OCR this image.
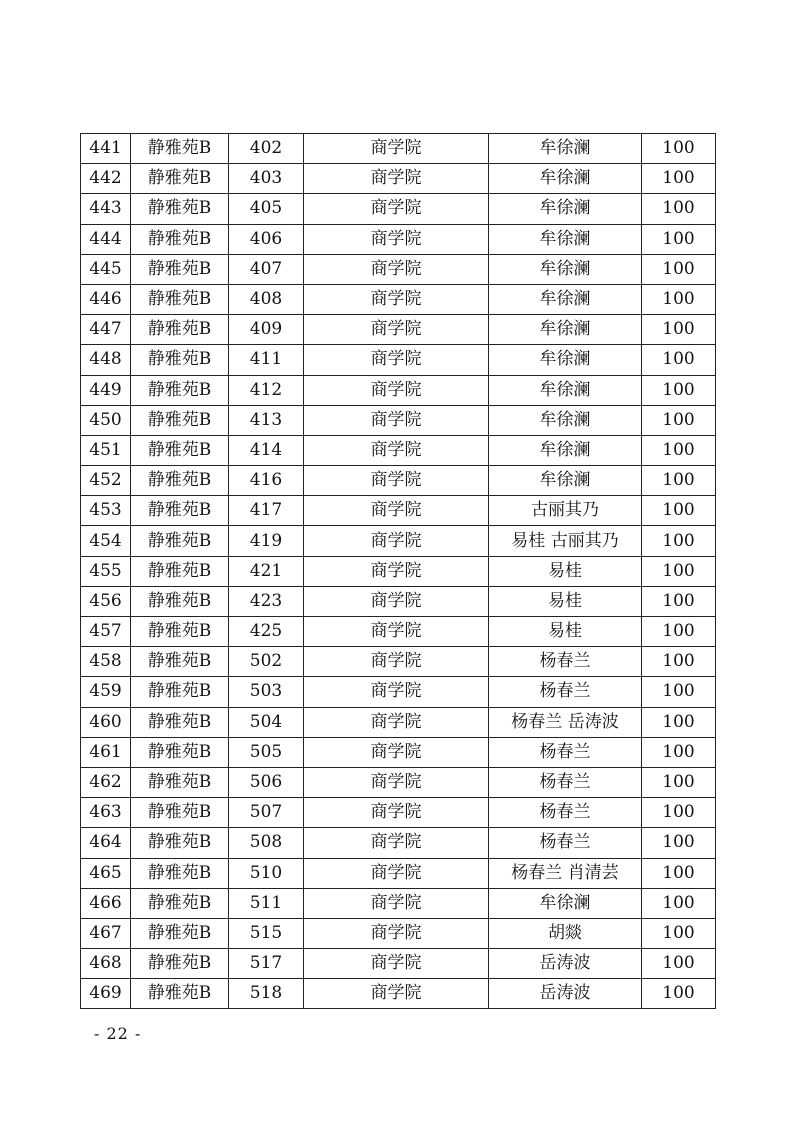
441	静雅苑B	402	商学院	牟徐澜	100
442	静雅苑B	403	商学院	牟徐澜	100
443	静雅苑B	405	商学院	牟徐澜	100
444	静雅苑B	406	商学院	牟徐澜	100
445	静雅苑B	407	商学院	牟徐澜	100
446	静雅苑B	408	商学院	牟徐澜	100
447	静雅苑B	409	商学院	牟徐澜	100
448	静雅苑B	411	商学院	牟徐澜	100
449	静雅苑B	412	商学院	牟徐澜	100
450	静雅苑B	413	商学院	牟徐澜	100
451	静雅苑B	414	商学院	牟徐澜	100
452	静雅苑B	416	商学院	牟徐澜	100
453	静雅苑B	417	商学院	古丽其乃	100
454	静雅苑B	419	商学院	易桂 古丽其乃	100
455	静雅苑B	421	商学院	易桂	100
456	静雅苑B	423	商学院	易桂	100
457	静雅苑B	425	商学院	易桂	100
458	静雅苑B	502	商学院	杨春兰	100
459	静雅苑B	503	商学院	杨春兰	100
460	静雅苑B	504	商学院	杨春兰 岳涛波	100
461	静雅苑B	505	商学院	杨春兰	100
462	静雅苑B	506	商学院	杨春兰	100
463	静雅苑B	507	商学院	杨春兰	100
464	静雅苑B	508	商学院	杨春兰	100
465	静雅苑B	510	商学院	杨春兰 肖清芸	100
466	静雅苑B	511	商学院	牟徐澜	100
467	静雅苑B	515	商学院	胡燚	100
468	静雅苑B	517	商学院	岳涛波	100
469	静雅苑B	518	商学院	岳涛波	100
- 22 -
